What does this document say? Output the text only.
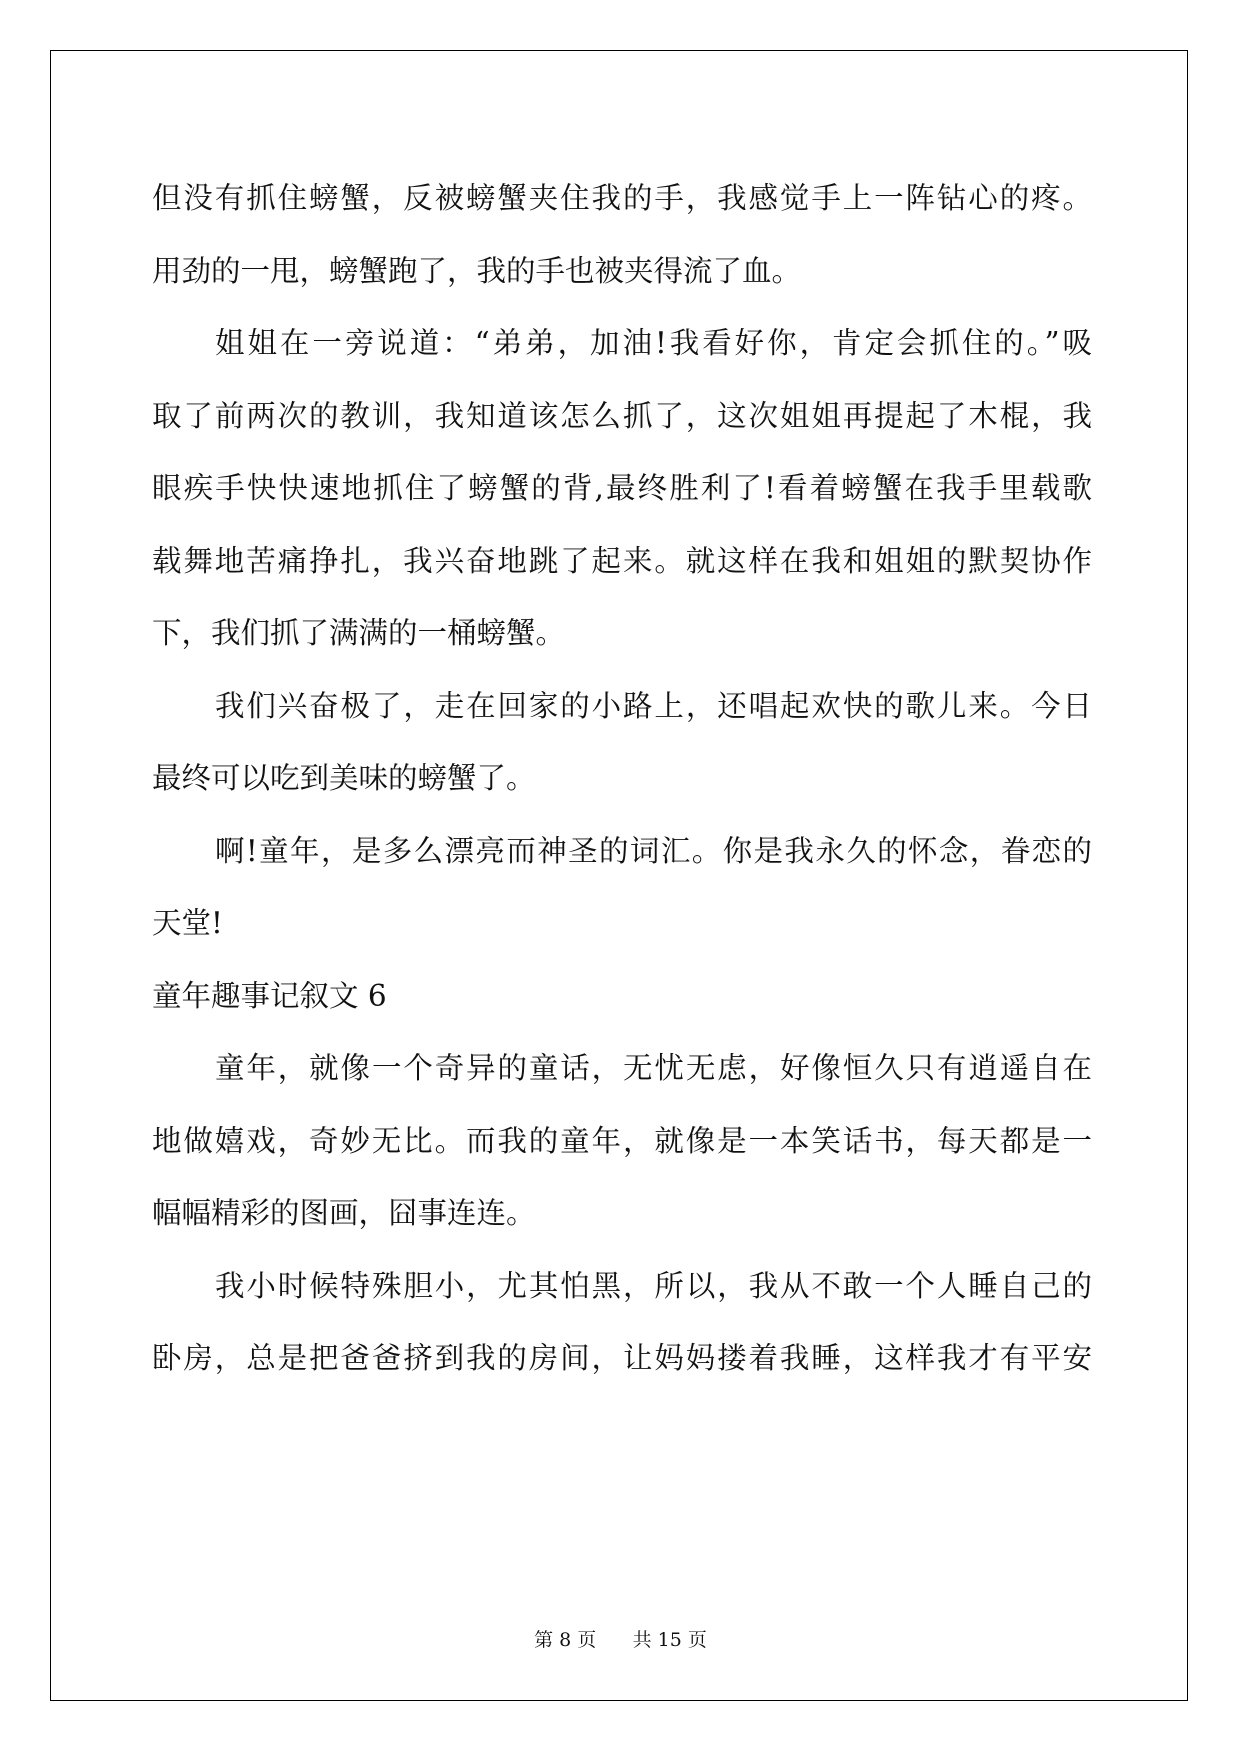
但没有抓住螃蟹，反被螃蟹夹住我的手，我感觉手上一阵钻心的疼。
用劲的一甩，螃蟹跑了，我的手也被夹得流了血。
姐姐在一旁说道：“弟弟，加油!我看好你，肯定会抓住的。”吸
取了前两次的教训，我知道该怎么抓了，这次姐姐再提起了木棍，我
眼疾手快快速地抓住了螃蟹的背,最终胜利了!看着螃蟹在我手里载歌
载舞地苦痛挣扎，我兴奋地跳了起来。就这样在我和姐姐的默契协作
下，我们抓了满满的一桶螃蟹。
我们兴奋极了，走在回家的小路上，还唱起欢快的歌儿来。今日
最终可以吃到美味的螃蟹了。
啊!童年，是多么漂亮而神圣的词汇。你是我永久的怀念，眷恋的
天堂!
童年趣事记叙文 6
童年，就像一个奇异的童话，无忧无虑，好像恒久只有逍遥自在
地做嬉戏，奇妙无比。而我的童年，就像是一本笑话书，每天都是一
幅幅精彩的图画，囧事连连。
我小时候特殊胆小，尤其怕黑，所以，我从不敢一个人睡自己的
卧房，总是把爸爸挤到我的房间，让妈妈搂着我睡，这样我才有平安
第 8 页 共 15 页
